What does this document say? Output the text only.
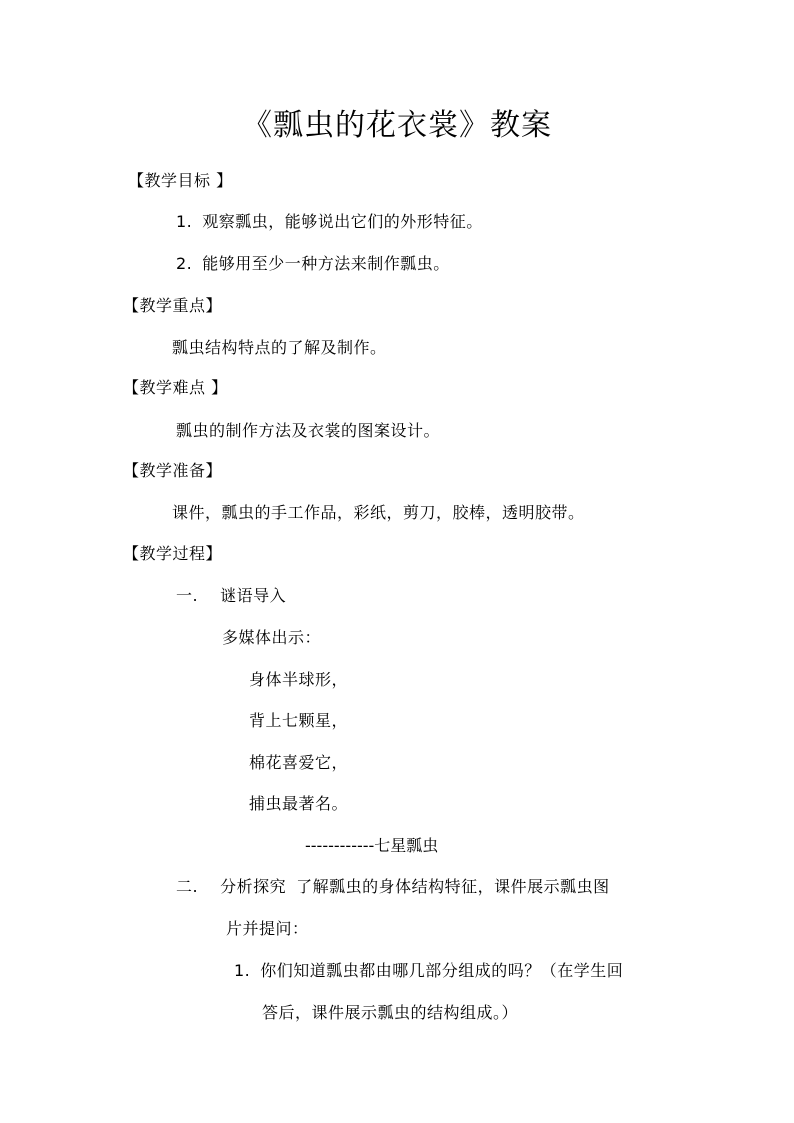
《瓢虫的花衣裳》教案
【教学目标 】
1. 观察瓢虫，能够说出它们的外形特征。
2. 能够用至少一种方法来制作瓢虫。
【教学重点】
瓢虫结构特点的了解及制作。
【教学难点 】
瓢虫的制作方法及衣裳的图案设计。
【教学准备】
课件，瓢虫的手工作品，彩纸，剪刀，胶棒，透明胶带。
【教学过程】
一. 谜语导入
多媒体出示：
身体半球形，
背上七颗星，
棉花喜爱它，
捕虫最著名。
------------七星瓢虫
二. 分析探究 了解瓢虫的身体结构特征，课件展示瓢虫图
片并提问：
1. 你们知道瓢虫都由哪几部分组成的吗？（在学生回
答后，课件展示瓢虫的结构组成。）
